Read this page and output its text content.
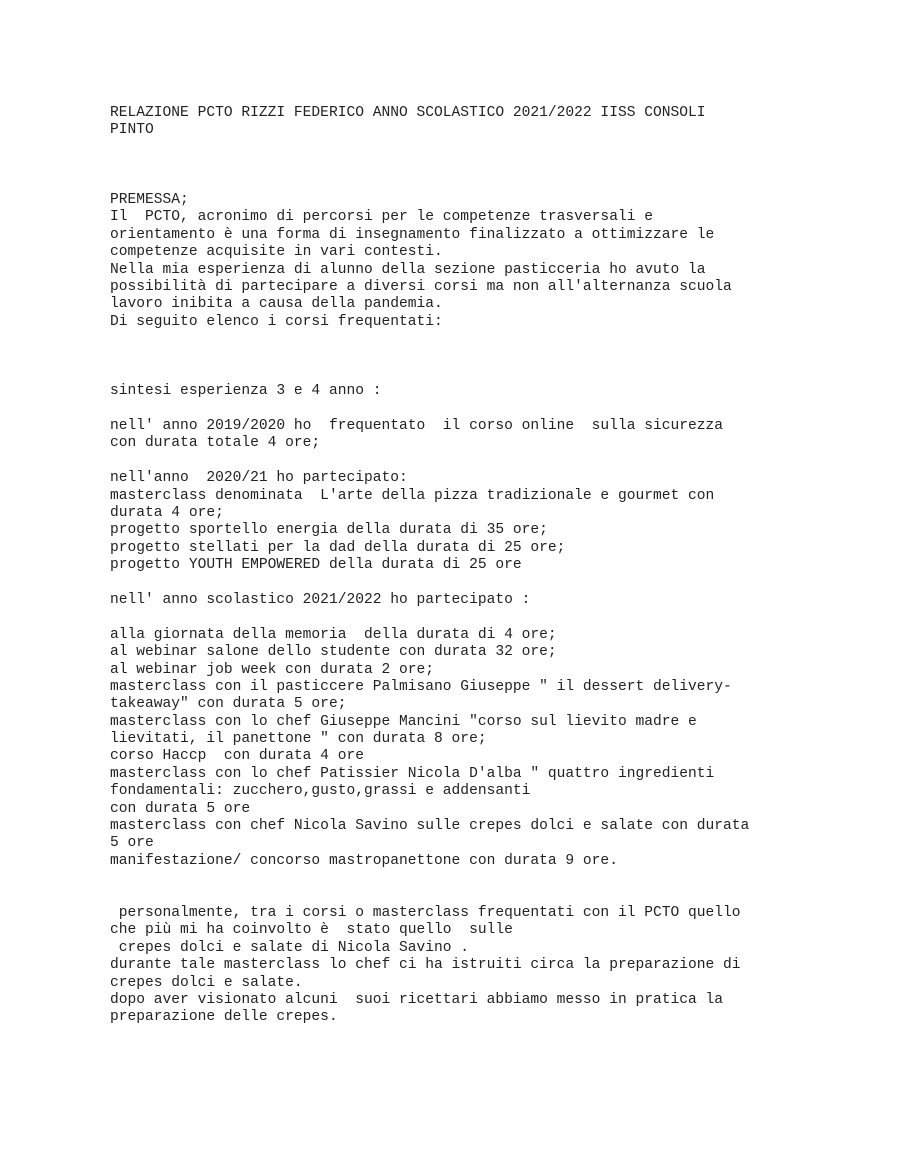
RELAZIONE PCTO RIZZI FEDERICO ANNO SCOLASTICO 2021/2022 IISS CONSOLI
PINTO
PREMESSA;
Il  PCTO, acronimo di percorsi per le competenze trasversali e
orientamento è una forma di insegnamento finalizzato a ottimizzare le
competenze acquisite in vari contesti.
Nella mia esperienza di alunno della sezione pasticceria ho avuto la
possibilità di partecipare a diversi corsi ma non all'alternanza scuola
lavoro inibita a causa della pandemia.
Di seguito elenco i corsi frequentati:
sintesi esperienza 3 e 4 anno :
nell' anno 2019/2020 ho  frequentato  il corso online  sulla sicurezza
con durata totale 4 ore;
nell'anno  2020/21 ho partecipato:
masterclass denominata  L'arte della pizza tradizionale e gourmet con
durata 4 ore;
progetto sportello energia della durata di 35 ore;
progetto stellati per la dad della durata di 25 ore;
progetto YOUTH EMPOWERED della durata di 25 ore
nell' anno scolastico 2021/2022 ho partecipato :
alla giornata della memoria  della durata di 4 ore;
al webinar salone dello studente con durata 32 ore;
al webinar job week con durata 2 ore;
masterclass con il pasticcere Palmisano Giuseppe " il dessert delivery-
takeaway" con durata 5 ore;
masterclass con lo chef Giuseppe Mancini "corso sul lievito madre e
lievitati, il panettone " con durata 8 ore;
corso Haccp  con durata 4 ore
masterclass con lo chef Patissier Nicola D'alba " quattro ingredienti
fondamentali: zucchero,gusto,grassi e addensanti
con durata 5 ore
masterclass con chef Nicola Savino sulle crepes dolci e salate con durata
5 ore
manifestazione/ concorso mastropanettone con durata 9 ore.
personalmente, tra i corsi o masterclass frequentati con il PCTO quello
che più mi ha coinvolto è  stato quello  sulle
crepes dolci e salate di Nicola Savino .
durante tale masterclass lo chef ci ha istruiti circa la preparazione di
crepes dolci e salate.
dopo aver visionato alcuni  suoi ricettari abbiamo messo in pratica la
preparazione delle crepes.
